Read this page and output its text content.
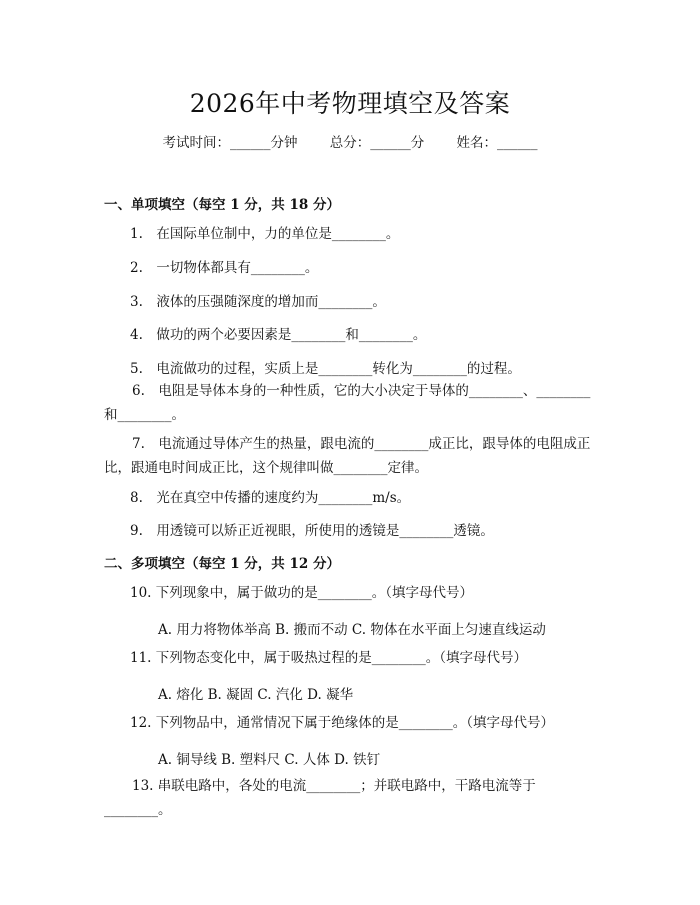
2026年中考物理填空及答案
考试时间：______分钟 总分：______分 姓名：______
一、单项填空（每空 1 分，共 18 分）
1.　在国际单位制中，力的单位是________。
2.　一切物体都具有________。
3.　液体的压强随深度的增加而________。
4.　做功的两个必要因素是________和________。
5.　电流做功的过程，实质上是________转化为________的过程。
6.　电阻是导体本身的一种性质，它的大小决定于导体的________、________和________。
7.　电流通过导体产生的热量，跟电流的________成正比，跟导体的电阻成正比，跟通电时间成正比，这个规律叫做________定律。
8.　光在真空中传播的速度约为________m/s。
9.　用透镜可以矫正近视眼，所使用的透镜是________透镜。
二、多项填空（每空 1 分，共 12 分）
10. 下列现象中，属于做功的是________。（填字母代号）
A. 用力将物体举高 B. 搬而不动 C. 物体在水平面上匀速直线运动
11. 下列物态变化中，属于吸热过程的是________。（填字母代号）
A. 熔化 B. 凝固 C. 汽化 D. 凝华
12. 下列物品中，通常情况下属于绝缘体的是________。（填字母代号）
A. 铜导线 B. 塑料尺 C. 人体 D. 铁钉
13. 串联电路中，各处的电流________；并联电路中，干路电流等于________。
